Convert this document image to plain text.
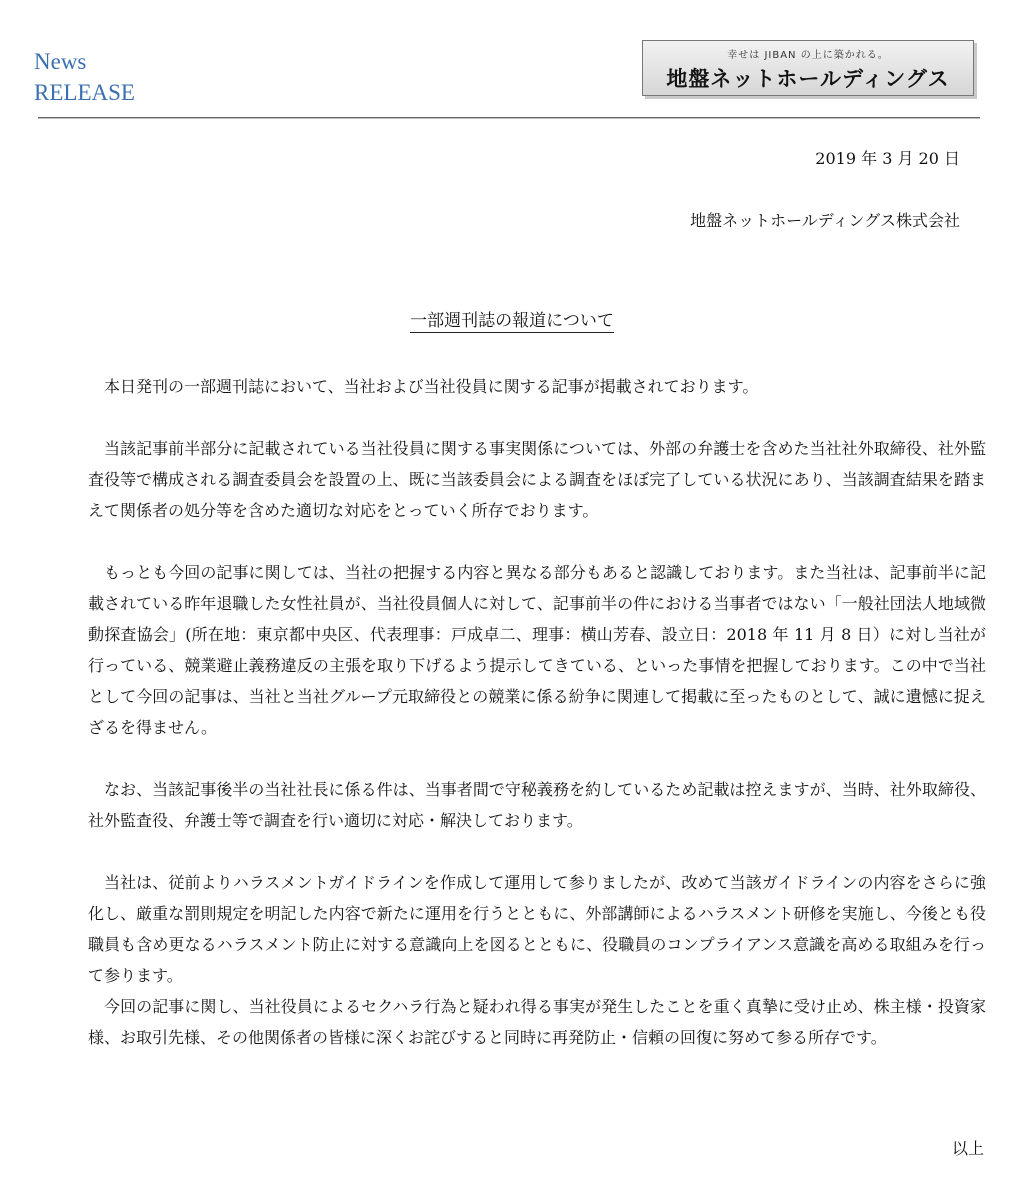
News
RELEASE
幸せは JIBAN の上に築かれる。
地盤ネットホールディングス
2019 年 3 月 20 日
地盤ネットホールディングス株式会社
一部週刊誌の報道について

本日発刊の一部週刊誌において、当社および当社役員に関する記事が掲載されております。

当該記事前半部分に記載されている当社役員に関する事実関係については、外部の弁護士を含めた当社社外取締役、社外監査役等で構成される調査委員会を設置の上、既に当該委員会による調査をほぼ完了している状況にあり、当該調査結果を踏まえて関係者の処分等を含めた適切な対応をとっていく所存でおります。

もっとも今回の記事に関しては、当社の把握する内容と異なる部分もあると認識しております。また当社は、記事前半に記載されている昨年退職した女性社員が、当社役員個人に対して、記事前半の件における当事者ではない「一般社団法人地域微動探査協会」(所在地：東京都中央区、代表理事：戸成卓二、理事：横山芳春、設立日：2018 年 11 月 8 日）に対し当社が行っている、競業避止義務違反の主張を取り下げるよう提示してきている、といった事情を把握しております。この中で当社として今回の記事は、当社と当社グループ元取締役との競業に係る紛争に関連して掲載に至ったものとして、誠に遺憾に捉えざるを得ません。

なお、当該記事後半の当社社長に係る件は、当事者間で守秘義務を約しているため記載は控えますが、当時、社外取締役、社外監査役、弁護士等で調査を行い適切に対応・解決しております。

当社は、従前よりハラスメントガイドラインを作成して運用して参りましたが、改めて当該ガイドラインの内容をさらに強化し、厳重な罰則規定を明記した内容で新たに運用を行うとともに、外部講師によるハラスメント研修を実施し、今後とも役職員も含め更なるハラスメント防止に対する意識向上を図るとともに、役職員のコンプライアンス意識を高める取組みを行って参ります。

今回の記事に関し、当社役員によるセクハラ行為と疑われ得る事実が発生したことを重く真摯に受け止め、株主様・投資家様、お取引先様、その他関係者の皆様に深くお詫びすると同時に再発防止・信頼の回復に努めて参る所存です。

以上
